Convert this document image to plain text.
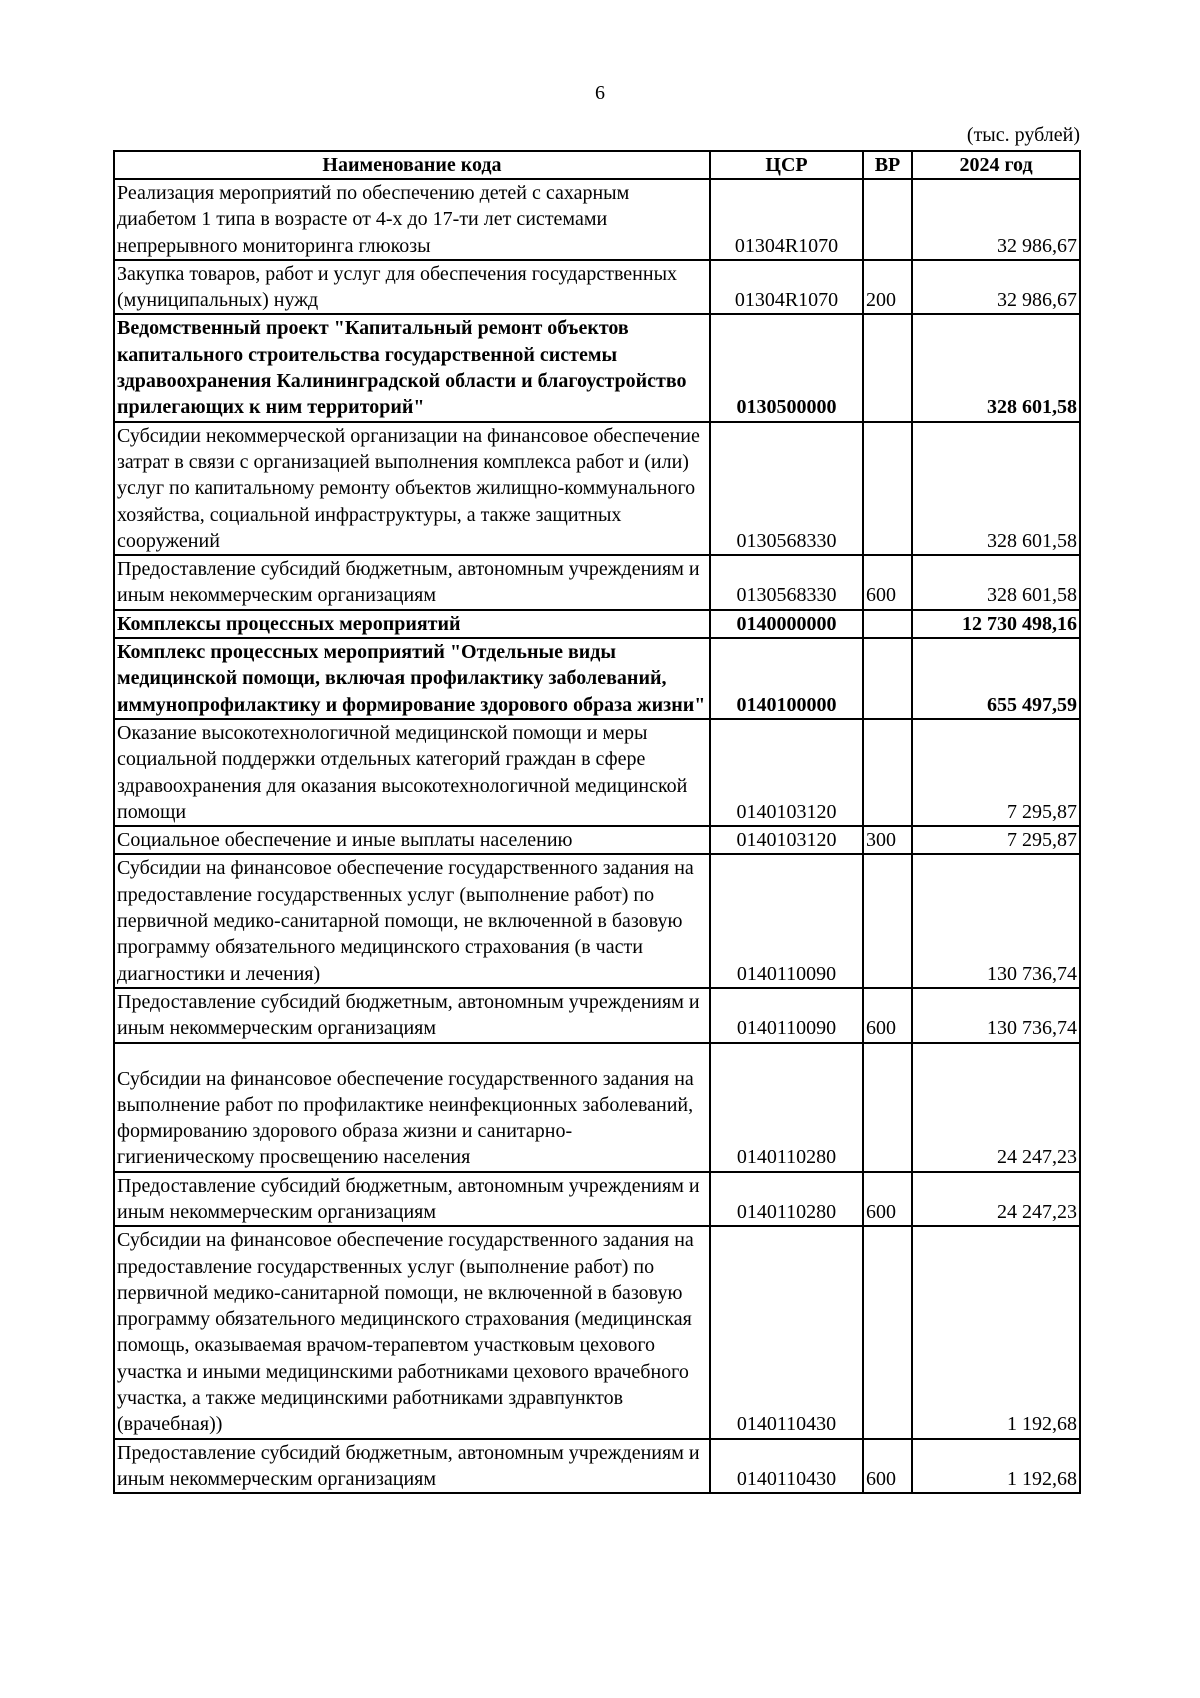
6
(тыс. рублей)
Наименование кода	ЦСР	ВР	2024 год
Реализация мероприятий по обеспечению детей с сахарным диабетом 1 типа в возрасте от 4-х до 17-ти лет системами непрерывного мониторинга глюкозы	01304R1070		32 986,67
Закупка товаров, работ и услуг для обеспечения государственных (муниципальных) нужд	01304R1070	200	32 986,67
Ведомственный проект "Капитальный ремонт объектов капитального строительства государственной системы здравоохранения Калининградской области и благоустройство прилегающих к ним территорий"	0130500000		328 601,58
Субсидии некоммерческой организации на финансовое обеспечение затрат в связи с организацией выполнения комплекса работ и (или) услуг по капитальному ремонту объектов жилищно-коммунального хозяйства, социальной инфраструктуры, а также защитных сооружений	0130568330		328 601,58
Предоставление субсидий бюджетным, автономным учреждениям и иным некоммерческим организациям	0130568330	600	328 601,58
Комплексы процессных мероприятий	0140000000		12 730 498,16
Комплекс процессных мероприятий "Отдельные виды медицинской помощи, включая профилактику заболеваний, иммунопрофилактику и формирование здорового образа жизни"	0140100000		655 497,59
Оказание высокотехнологичной медицинской помощи и меры социальной поддержки отдельных категорий граждан в сфере здравоохранения для оказания высокотехнологичной медицинской помощи	0140103120		7 295,87
Социальное обеспечение и иные выплаты населению	0140103120	300	7 295,87
Субсидии на финансовое обеспечение государственного задания на предоставление государственных услуг (выполнение работ) по первичной медико-санитарной помощи, не включенной в базовую программу обязательного медицинского страхования (в части диагностики и лечения)	0140110090		130 736,74
Предоставление субсидий бюджетным, автономным учреждениям и иным некоммерческим организациям	0140110090	600	130 736,74
Субсидии на финансовое обеспечение государственного задания на выполнение работ по профилактике неинфекционных заболеваний, формированию здорового образа жизни и санитарно-гигиеническому просвещению населения	0140110280		24 247,23
Предоставление субсидий бюджетным, автономным учреждениям и иным некоммерческим организациям	0140110280	600	24 247,23
Субсидии на финансовое обеспечение государственного задания на предоставление государственных услуг (выполнение работ) по первичной медико-санитарной помощи, не включенной в базовую программу обязательного медицинского страхования (медицинская помощь, оказываемая врачом-терапевтом участковым цехового участка и иными медицинскими работниками цехового врачебного участка, а также медицинскими работниками здравпунктов (врачебная))	0140110430		1 192,68
Предоставление субсидий бюджетным, автономным учреждениям и иным некоммерческим организациям	0140110430	600	1 192,68
